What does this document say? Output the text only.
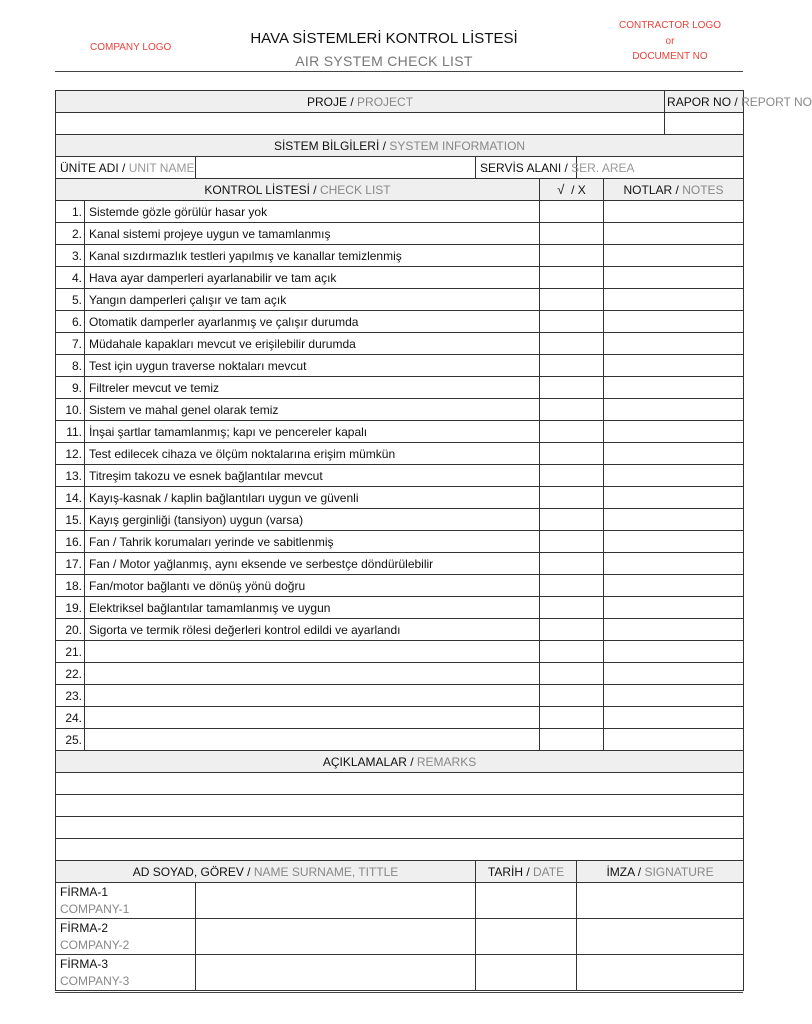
COMPANY LOGO
HAVA SİSTEMLERİ KONTROL LİSTESİ
AIR SYSTEM CHECK LIST
CONTRACTOR LOGO
or
DOCUMENT NO
PROJE / PROJECT							RAPOR NO / REPORT NO

SİSTEM BİLGİLERİ / SYSTEM INFORMATION							
ÜNİTE ADI / UNIT NAME			SERVİS ALANI / SER. AREA				
KONTROL LİSTESİ / CHECK LIST				√ / X		NOTLAR / NOTES	
1.	Sistemde gözle görülür hasar yok						
2.	Kanal sistemi projeye uygun ve tamamlanmış						
3.	Kanal sızdırmazlık testleri yapılmış ve kanallar temizlenmiş						
4.	Hava ayar damperleri ayarlanabilir ve tam açık						
5.	Yangın damperleri çalışır ve tam açık						
6.	Otomatik damperler ayarlanmış ve çalışır durumda						
7.	Müdahale kapakları mevcut ve erişilebilir durumda						
8.	Test için uygun traverse noktaları mevcut						
9.	Filtreler mevcut ve temiz						
10.	Sistem ve mahal genel olarak temiz						
11.	İnşai şartlar tamamlanmış; kapı ve pencereler kapalı						
12.	Test edilecek cihaza ve ölçüm noktalarına erişim mümkün						
13.	Titreşim takozu ve esnek bağlantılar mevcut						
14.	Kayış-kasnak / kaplin bağlantıları uygun ve güvenli						
15.	Kayış gerginliği (tansiyon) uygun (varsa)						
16.	Fan / Tahrik korumaları yerinde ve sabitlenmiş						
17.	Fan / Motor yağlanmış, aynı eksende ve serbestçe döndürülebilir						
18.	Fan/motor bağlantı ve dönüş yönü doğru						
19.	Elektriksel bağlantılar tamamlanmış ve uygun						
20.	Sigorta ve termik rölesi değerleri kontrol edildi ve ayarlandı						
21.							
22.							
23.							
24.							
25.							
AÇIKLAMALAR / REMARKS							

AD SOYAD, GÖREV / NAME SURNAME, TITTLE			TARİH / DATE		İMZA / SIGNATURE		

FİRMA-1
COMPANY-1							

FİRMA-2
COMPANY-2							

FİRMA-3
COMPANY-3							
